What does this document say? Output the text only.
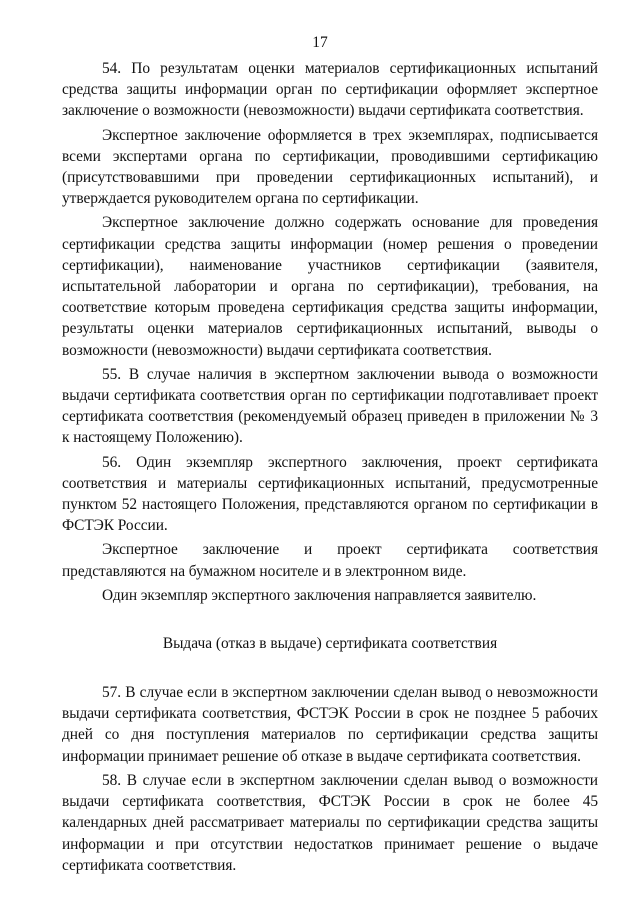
17

54. По результатам оценки материалов сертификационных испытаний средства защиты информации орган по сертификации оформляет экспертное заключение о возможности (невозможности) выдачи сертификата соответствия.

Экспертное заключение оформляется в трех экземплярах, подписывается всеми экспертами органа по сертификации, проводившими сертификацию (присутствовавшими при проведении сертификационных испытаний), и утверждается руководителем органа по сертификации.

Экспертное заключение должно содержать основание для проведения сертификации средства защиты информации (номер решения о проведении сертификации), наименование участников сертификации (заявителя, испытательной лаборатории и органа по сертификации), требования, на соответствие которым проведена сертификация средства защиты информации, результаты оценки материалов сертификационных испытаний, выводы о возможности (невозможности) выдачи сертификата соответствия.

55. В случае наличия в экспертном заключении вывода о возможности выдачи сертификата соответствия орган по сертификации подготавливает проект сертификата соответствия (рекомендуемый образец приведен в приложении № 3 к настоящему Положению).

56. Один экземпляр экспертного заключения, проект сертификата соответствия и материалы сертификационных испытаний, предусмотренные пунктом 52 настоящего Положения, представляются органом по сертификации в ФСТЭК России.

Экспертное заключение и проект сертификата соответствия представляются на бумажном носителе и в электронном виде.

Один экземпляр экспертного заключения направляется заявителю.

Выдача (отказ в выдаче) сертификата соответствия

57. В случае если в экспертном заключении сделан вывод о невозможности выдачи сертификата соответствия, ФСТЭК России в срок не позднее 5 рабочих дней со дня поступления материалов по сертификации средства защиты информации принимает решение об отказе в выдаче сертификата соответствия.

58. В случае если в экспертном заключении сделан вывод о возможности выдачи сертификата соответствия, ФСТЭК России в срок не более 45 календарных дней рассматривает материалы по сертификации средства защиты информации и при отсутствии недостатков принимает решение о выдаче сертификата соответствия.
